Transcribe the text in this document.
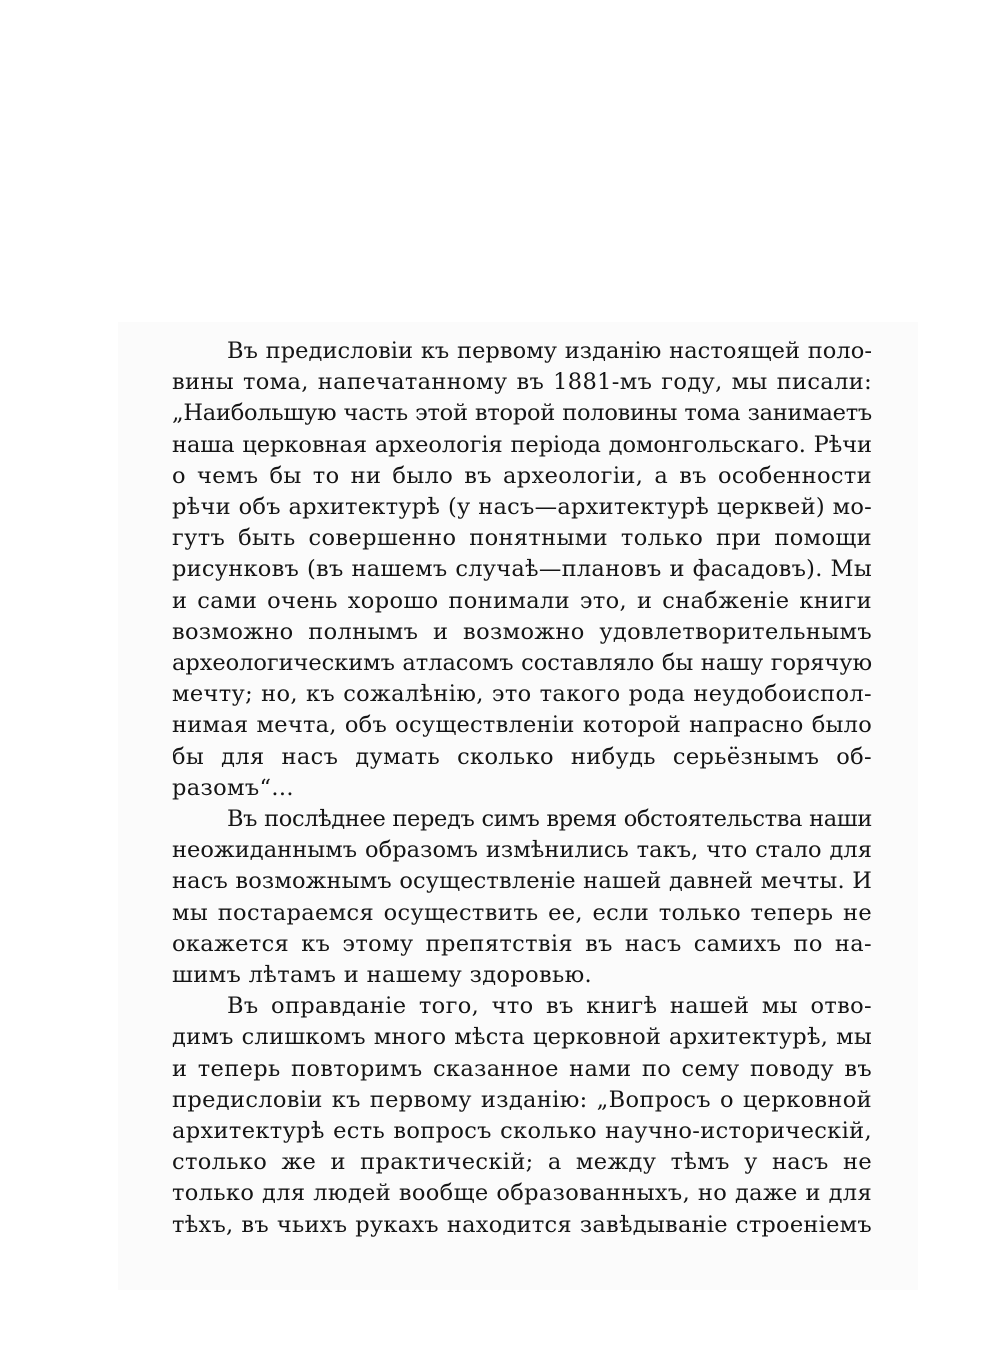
Въ предисловіи къ первому изданію настоящей поло-
вины тома, напечатанному въ 1881-мъ году, мы писали:
„Наибольшую часть этой второй половины тома занимаетъ
наша церковная археологія періода домонгольскаго. Рѣчи
о чемъ бы то ни было въ археологіи, а въ особенности
рѣчи объ архитектурѣ (у насъ—архитектурѣ церквей) мо-
гутъ быть совершенно понятными только при помощи
рисунковъ (въ нашемъ случаѣ—плановъ и фасадовъ). Мы
и сами очень хорошо понимали это, и снабженіе книги
возможно полнымъ и возможно удовлетворительнымъ
археологическимъ атласомъ составляло бы нашу горячую
мечту; но, къ сожалѣнію, это такого рода неудобоиспол-
нимая мечта, объ осуществленіи которой напрасно было
бы для насъ думать сколько нибудь серьёзнымъ об-
разомъ“...
Въ послѣднее передъ симъ время обстоятельства наши
неожиданнымъ образомъ измѣнились такъ, что стало для
насъ возможнымъ осуществленіе нашей давней мечты. И
мы постараемся осуществить ее, если только теперь не
окажется къ этому препятствія въ насъ самихъ по на-
шимъ лѣтамъ и нашему здоровью.
Въ оправданіе того, что въ книгѣ нашей мы отво-
димъ слишкомъ много мѣста церковной архитектурѣ, мы
и теперь повторимъ сказанное нами по сему поводу въ
предисловіи къ первому изданію: „Вопросъ о церковной
архитектурѣ есть вопросъ сколько научно-историческій,
столько же и практическій; а между тѣмъ у насъ не
только для людей вообще образованныхъ, но даже и для
тѣхъ, въ чьихъ рукахъ находится завѣдываніе строеніемъ
